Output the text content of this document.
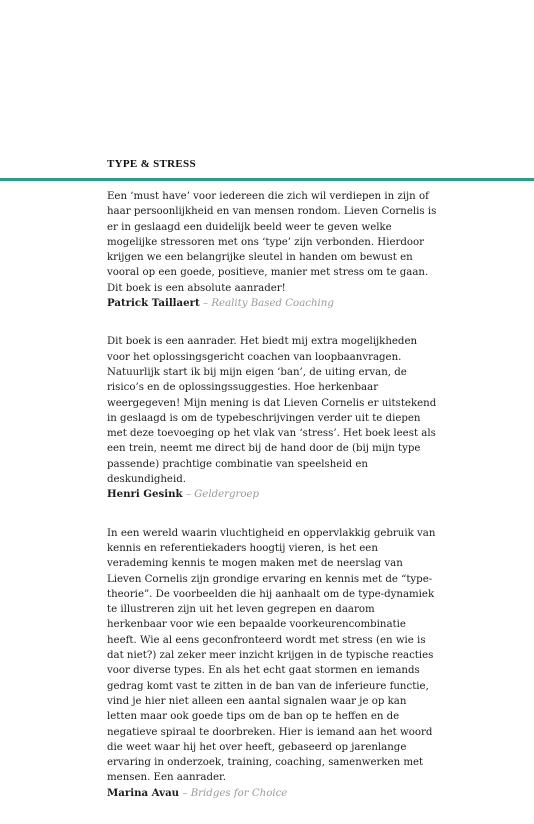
TYPE & STRESS

Een ‘must have’ voor iedereen die zich wil verdiepen in zijn of haar persoonlijkheid en van mensen rondom. Lieven Cornelis is er in geslaagd een duidelijk beeld weer te geven welke mogelijke stressoren met ons ‘type’ zijn verbonden. Hierdoor krijgen we een belangrijke sleutel in handen om bewust en vooral op een goede, positieve, manier met stress om te gaan. Dit boek is een absolute aanrader!

Patrick Taillaert – Reality Based Coaching

Dit boek is een aanrader. Het biedt mij extra mogelijkheden voor het oplossingsgericht coachen van loopbaanvragen. Natuurlijk start ik bij mijn eigen ‘ban’, de uiting ervan, de risico’s en de oplossingssuggesties. Hoe herkenbaar weergegeven! Mijn mening is dat Lieven Cornelis er uitstekend in geslaagd is om de typebeschrijvingen verder uit te diepen met deze toevoeging op het vlak van ‘stress’. Het boek leest als een trein, neemt me direct bij de hand door de (bij mijn type passende) prachtige combinatie van speelsheid en deskundigheid.

Henri Gesink – Geldergroep

In een wereld waarin vluchtigheid en oppervlakkig gebruik van kennis en referentiekaders hoogtij vieren, is het een verademing kennis te mogen maken met de neerslag van Lieven Cornelis zijn grondige ervaring en kennis met de “type-theorie”. De voorbeelden die hij aanhaalt om de type-dynamiek te illustreren zijn uit het leven gegrepen en daarom herkenbaar voor wie een bepaalde voorkeurencombinatie heeft. Wie al eens geconfronteerd wordt met stress (en wie is dat niet?) zal zeker meer inzicht krijgen in de typische reacties voor diverse types. En als het echt gaat stormen en iemands gedrag komt vast te zitten in de ban van de inferieure functie, vind je hier niet alleen een aantal signalen waar je op kan letten maar ook goede tips om de ban op te heffen en de negatieve spiraal te doorbreken. Hier is iemand aan het woord die weet waar hij het over heeft, gebaseerd op jarenlange ervaring in onderzoek, training, coaching, samenwerken met mensen. Een aanrader.

Marina Avau – Bridges for Choice
